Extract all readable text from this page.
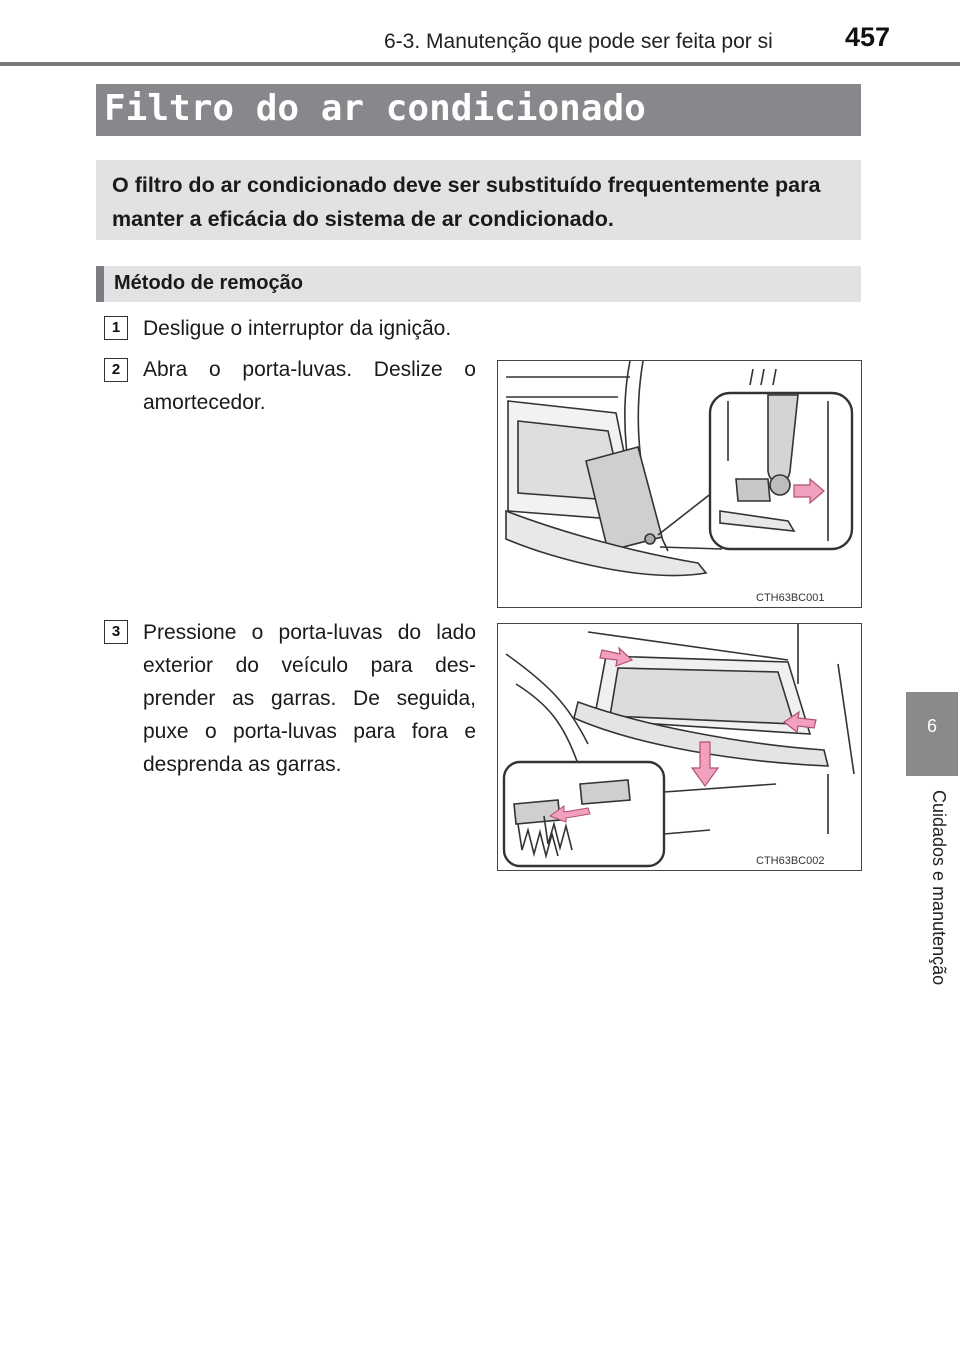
6-3. Manutenção que pode ser feita por si	457
6
Cuidados e manutenção
Filtro do ar condicionado
O filtro do ar condicionado deve ser substituído frequentemente para manter a eficácia do sistema de ar condicionado.
Método de remoção
1	Desligue o interruptor da ignição.
2	Abra o porta-luvas. Deslize o amortecedor.
3	Pressione o porta-luvas do lado exterior do veículo para des-prender as garras. De seguida, puxe o porta-luvas para fora e desprenda as garras.
CTH63BC001
CTH63BC002
